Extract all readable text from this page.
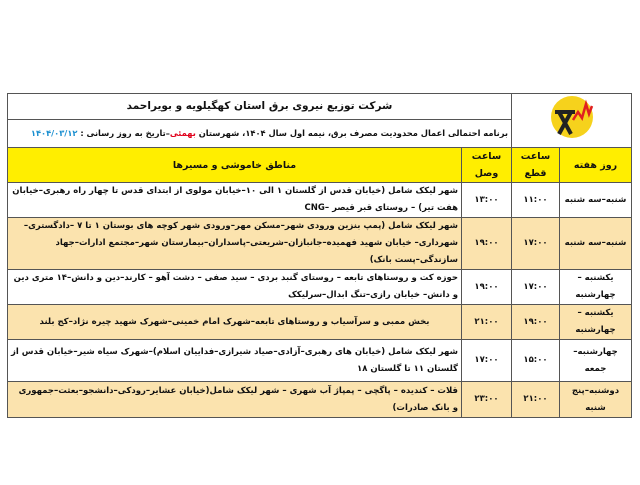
	شرکت توزیع نیروی برق استان کهگیلویه و بویراحمد	
		برنامه احتمالی اعمال محدودیت مصرف برق، نیمه اول سال ۱۴۰۴، شهرستان بهمئی–تاریخ به روز رسانی : ۱۴۰۴/۰۳/۱۲	
روز هفته	ساعت قطع	ساعت وصل	مناطق خاموشی و مسیرها
شنبه–سه شنبه	۱۱:۰۰	۱۳:۰۰	شهر لیکک شامل (خیابان قدس از گلستان ۱ الی ۱۰–خیابان مولوی از ابتدای قدس تا چهار راه رهبری–خیابان هفت تیر) – روستای قبر قیصر –CNG
شنبه–سه شنبه	۱۷:۰۰	۱۹:۰۰	شهر لیکک شامل (پمپ بنزین ورودی شهر–مسکن مهر–ورودی شهر کوچه های بوستان ۱ تا ۷ –دادگستری–شهرداری– خیابان شهید فهمیده–جانبازان–شریعتی–پاسداران–بیمارستان شهر–مجتمع ادارات–جهاد سازندگی–پست بانک)
یکشنبه –چهارشنبه	۱۷:۰۰	۱۹:۰۰	حوزه کت و روستاهای تابعه – روستای گنبد بردی – سید صفی – دشت آهو – کارند–دین و دانش–۱۴ متری دین و دانش– خیابان رازی–تنگ ابدال–سرلیکک
یکشنبه –چهارشنبه	۱۹:۰۰	۲۱:۰۰	بخش ممبی و سرآسیاب و روستاهای تابعه–شهرک امام خمینی–شهرک شهید چیره نژاد–کج بلند
چهارشنبه–جمعه	۱۵:۰۰	۱۷:۰۰	شهر لیکک شامل (خیابان های رهبری–آزادی–صیاد شیرازی–فداییان اسلام)–شهرک سیاه شیر–خیابان قدس از گلستان ۱۱ تا گلستان ۱۸
دوشنبه–پنج شنبه	۲۱:۰۰	۲۳:۰۰	قلات – کندیده – پاگچی – پمپاژ آب شهری – شهر لیکک شامل(خیابان عشایر–رودکی–دانشجو–بعثت–جمهوری و بانک صادرات)
